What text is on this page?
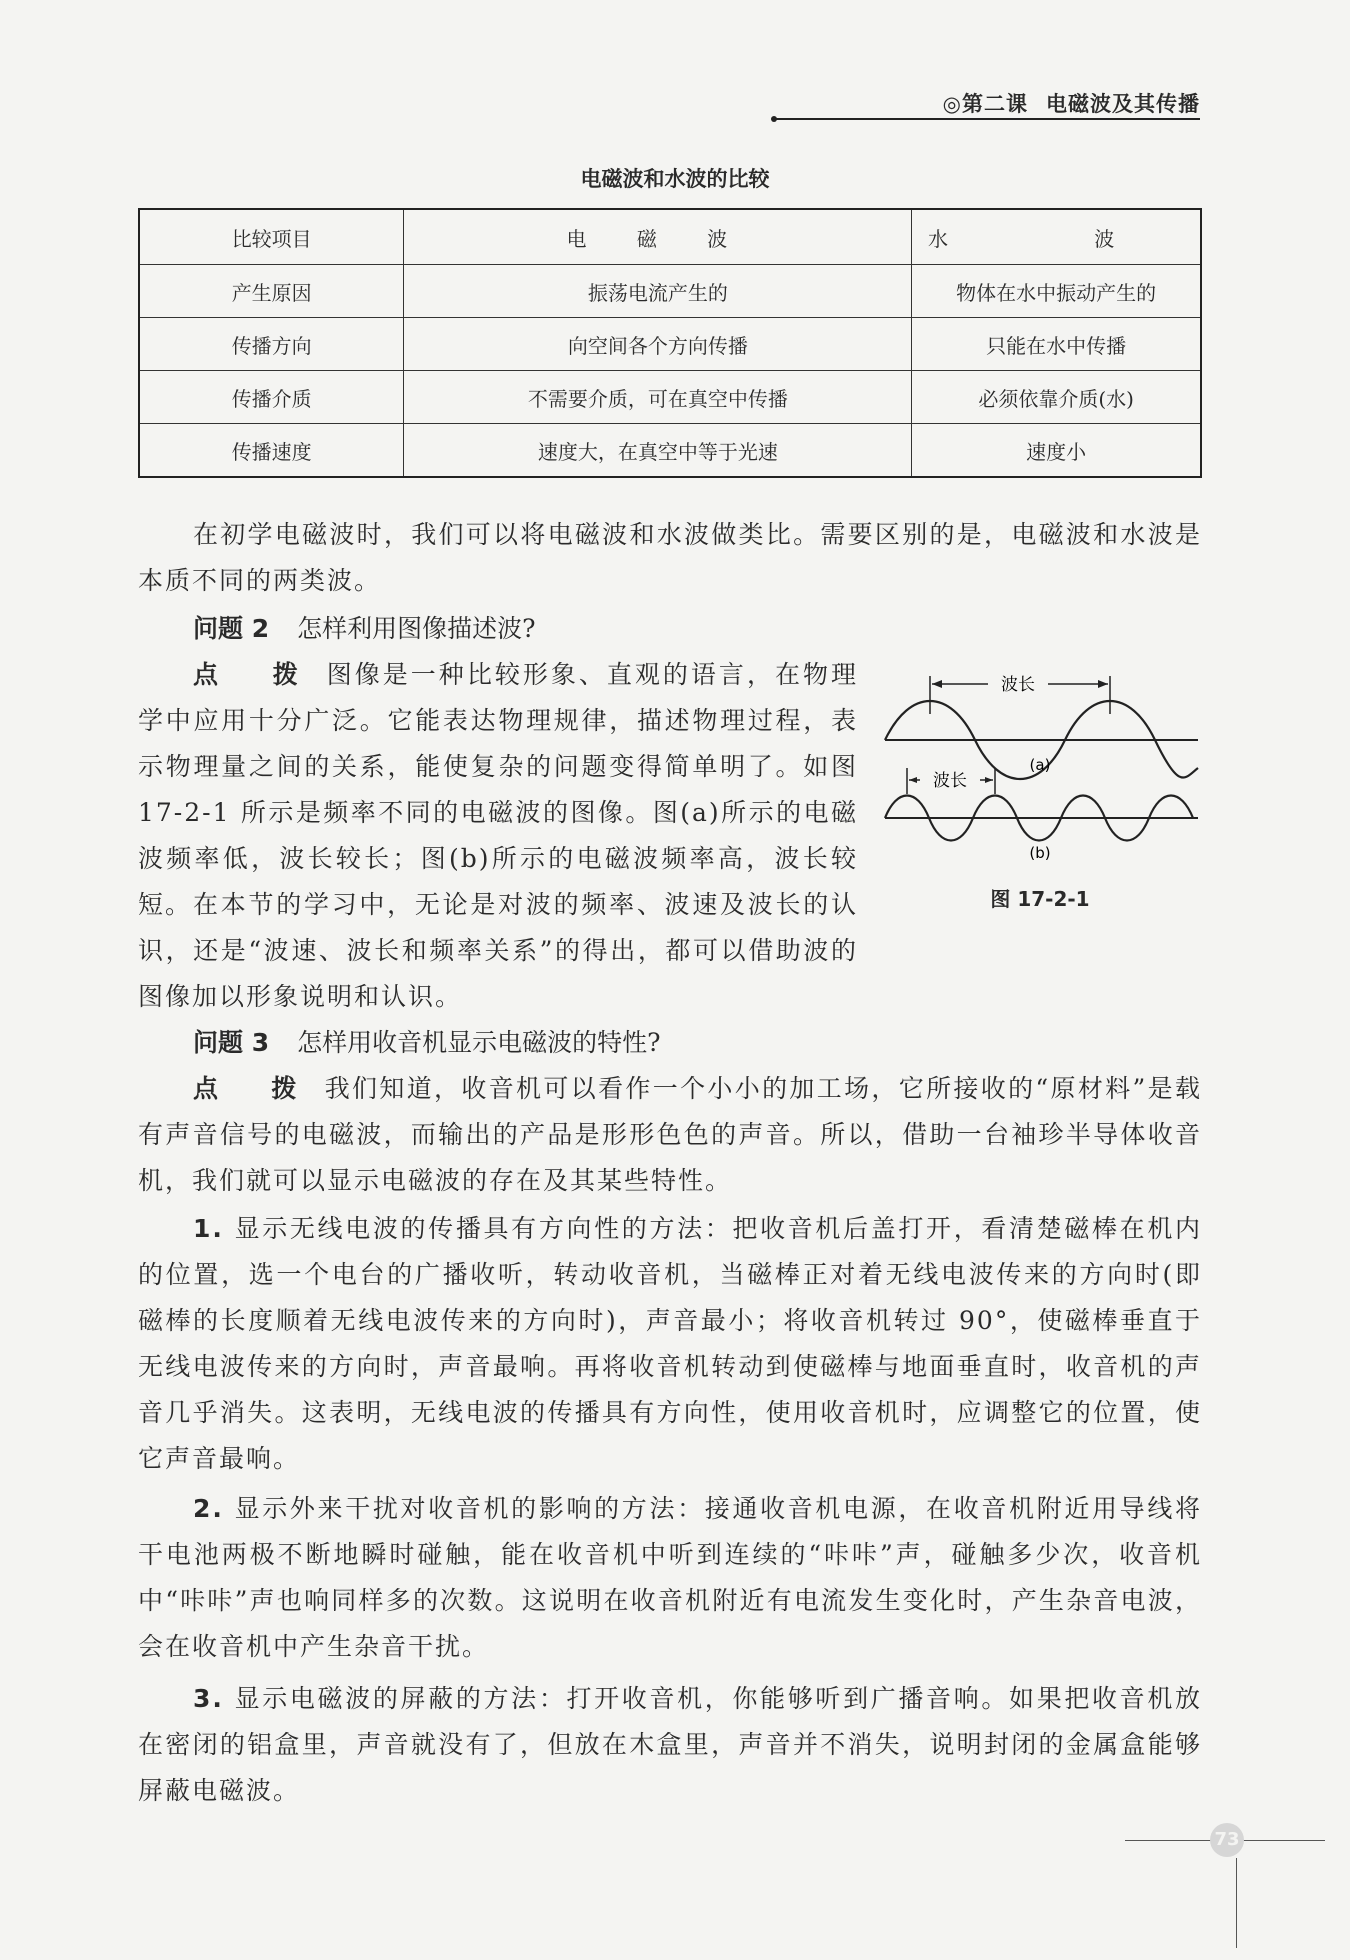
◎第二课 电磁波及其传播
电磁波和水波的比较
比较项目	电 磁 波	水 波
产生原因	振荡电流产生的	物体在水中振动产生的
传播方向	向空间各个方向传播	只能在水中传播
传播介质	不需要介质，可在真空中传播	必须依靠介质(水)
传播速度	速度大，在真空中等于光速	速度小

在初学电磁波时，我们可以将电磁波和水波做类比。需要区别的是，电磁波和水波是本质不同的两类波。

问题 2 怎样利用图像描述波?

点 拨 图像是一种比较形象、直观的语言，在物理学中应用十分广泛。它能表达物理规律，描述物理过程，表示物理量之间的关系，能使复杂的问题变得简单明了。如图 17-2-1 所示是频率不同的电磁波的图像。图(a)所示的电磁波频率低，波长较长；图(b)所示的电磁波频率高，波长较短。 在本节的学习中，无论是对波的频率、波速及波长的认识，还是“波速、波长和频率关系”的得出，都可以借助波的图像加以形象说明和认识。

波长
(a)
波长
(b)
图 17-2-1

问题 3 怎样用收音机显示电磁波的特性?

点 拨 我们知道，收音机可以看作一个小小的加工场，它所接收的“原材料”是载有声音信号的电磁波，而输出的产品是形形色色的声音。所以，借助一台袖珍半导体收音机，我们就可以显示电磁波的存在及其某些特性。

1. 显示无线电波的传播具有方向性的方法：把收音机后盖打开，看清楚磁棒在机内的位置，选一个电台的广播收听，转动收音机，当磁棒正对着无线电波传来的方向时(即磁棒的长度顺着无线电波传来的方向时)，声音最小；将收音机转过 90°，使磁棒垂直于无线电波传来的方向时，声音最响。再将收音机转动到使磁棒与地面垂直时，收音机的声音几乎消失。这表明，无线电波的传播具有方向性，使用收音机时，应调整它的位置，使它声音最响。

2. 显示外来干扰对收音机的影响的方法：接通收音机电源，在收音机附近用导线将干电池两极不断地瞬时碰触，能在收音机中听到连续的“咔咔”声，碰触多少次，收音机中“咔咔”声也响同样多的次数。这说明在收音机附近有电流发生变化时，产生杂音电波，会在收音机中产生杂音干扰。

3. 显示电磁波的屏蔽的方法：打开收音机，你能够听到广播音响。如果把收音机放在密闭的铝盒里，声音就没有了，但放在木盒里，声音并不消失，说明封闭的金属盒能够屏蔽电磁波。

73
